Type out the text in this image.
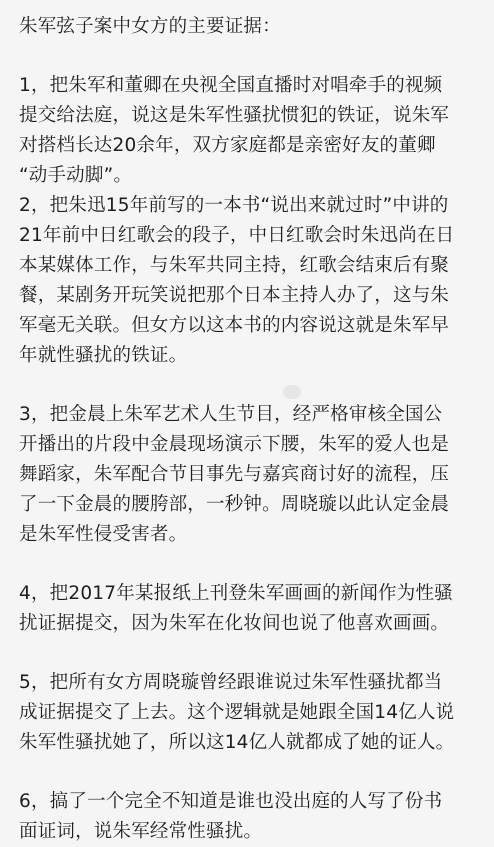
朱军弦子案中女方的主要证据：
1，把朱军和董卿在央视全国直播时对唱牵手的视频
提交给法庭，说这是朱军性骚扰惯犯的铁证，说朱军
对搭档长达20余年，双方家庭都是亲密好友的董卿
“动手动脚”。
2，把朱迅15年前写的一本书“说出来就过时”中讲的
21年前中日红歌会的段子，中日红歌会时朱迅尚在日
本某媒体工作，与朱军共同主持，红歌会结束后有聚
餐，某剧务开玩笑说把那个日本主持人办了，这与朱
军毫无关联。但女方以这本书的内容说这就是朱军早
年就性骚扰的铁证。
3，把金晨上朱军艺术人生节目，经严格审核全国公
开播出的片段中金晨现场演示下腰，朱军的爱人也是
舞蹈家，朱军配合节目事先与嘉宾商讨好的流程，压
了一下金晨的腰胯部，一秒钟。周晓璇以此认定金晨
是朱军性侵受害者。
4，把2017年某报纸上刊登朱军画画的新闻作为性骚
扰证据提交，因为朱军在化妆间也说了他喜欢画画。
5，把所有女方周晓璇曾经跟谁说过朱军性骚扰都当
成证据提交了上去。这个逻辑就是她跟全国14亿人说
朱军性骚扰她了，所以这14亿人就都成了她的证人。
6，搞了一个完全不知道是谁也没出庭的人写了份书
面证词，说朱军经常性骚扰。
